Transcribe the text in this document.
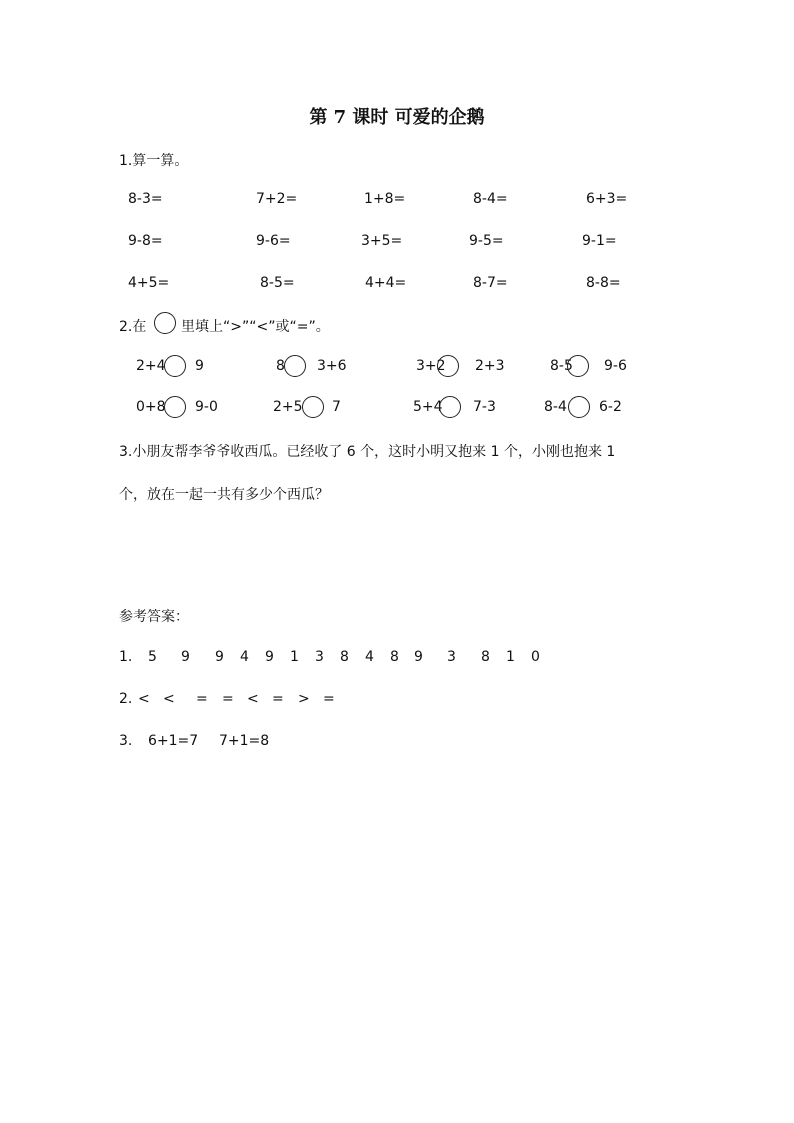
第 7 课时 可爱的企鹅
1.算一算。
8-3=	7+2=	1+8=	8-4=	6+3=
9-8=	9-6=	3+5=	9-5=	9-1=
4+5=	8-5=	4+4=	8-7=	8-8=
2.在 里填上“>”“<”或“=”。
2+4 9	8 3+6	3+2 2+3	8-5 9-6
0+8 9-0	2+5 7	5+4 7-3	8-4 6-2
3.小朋友帮李爷爷收西瓜。已经收了 6 个，这时小明又抱来 1 个，小刚也抱来 1
个，放在一起一共有多少个西瓜？
参考答案：
1. 5 9 9 4 9 1 3 8 4 8 9 3 8 1 0
2. < < = = < = > =
3. 6+1=7 7+1=8
